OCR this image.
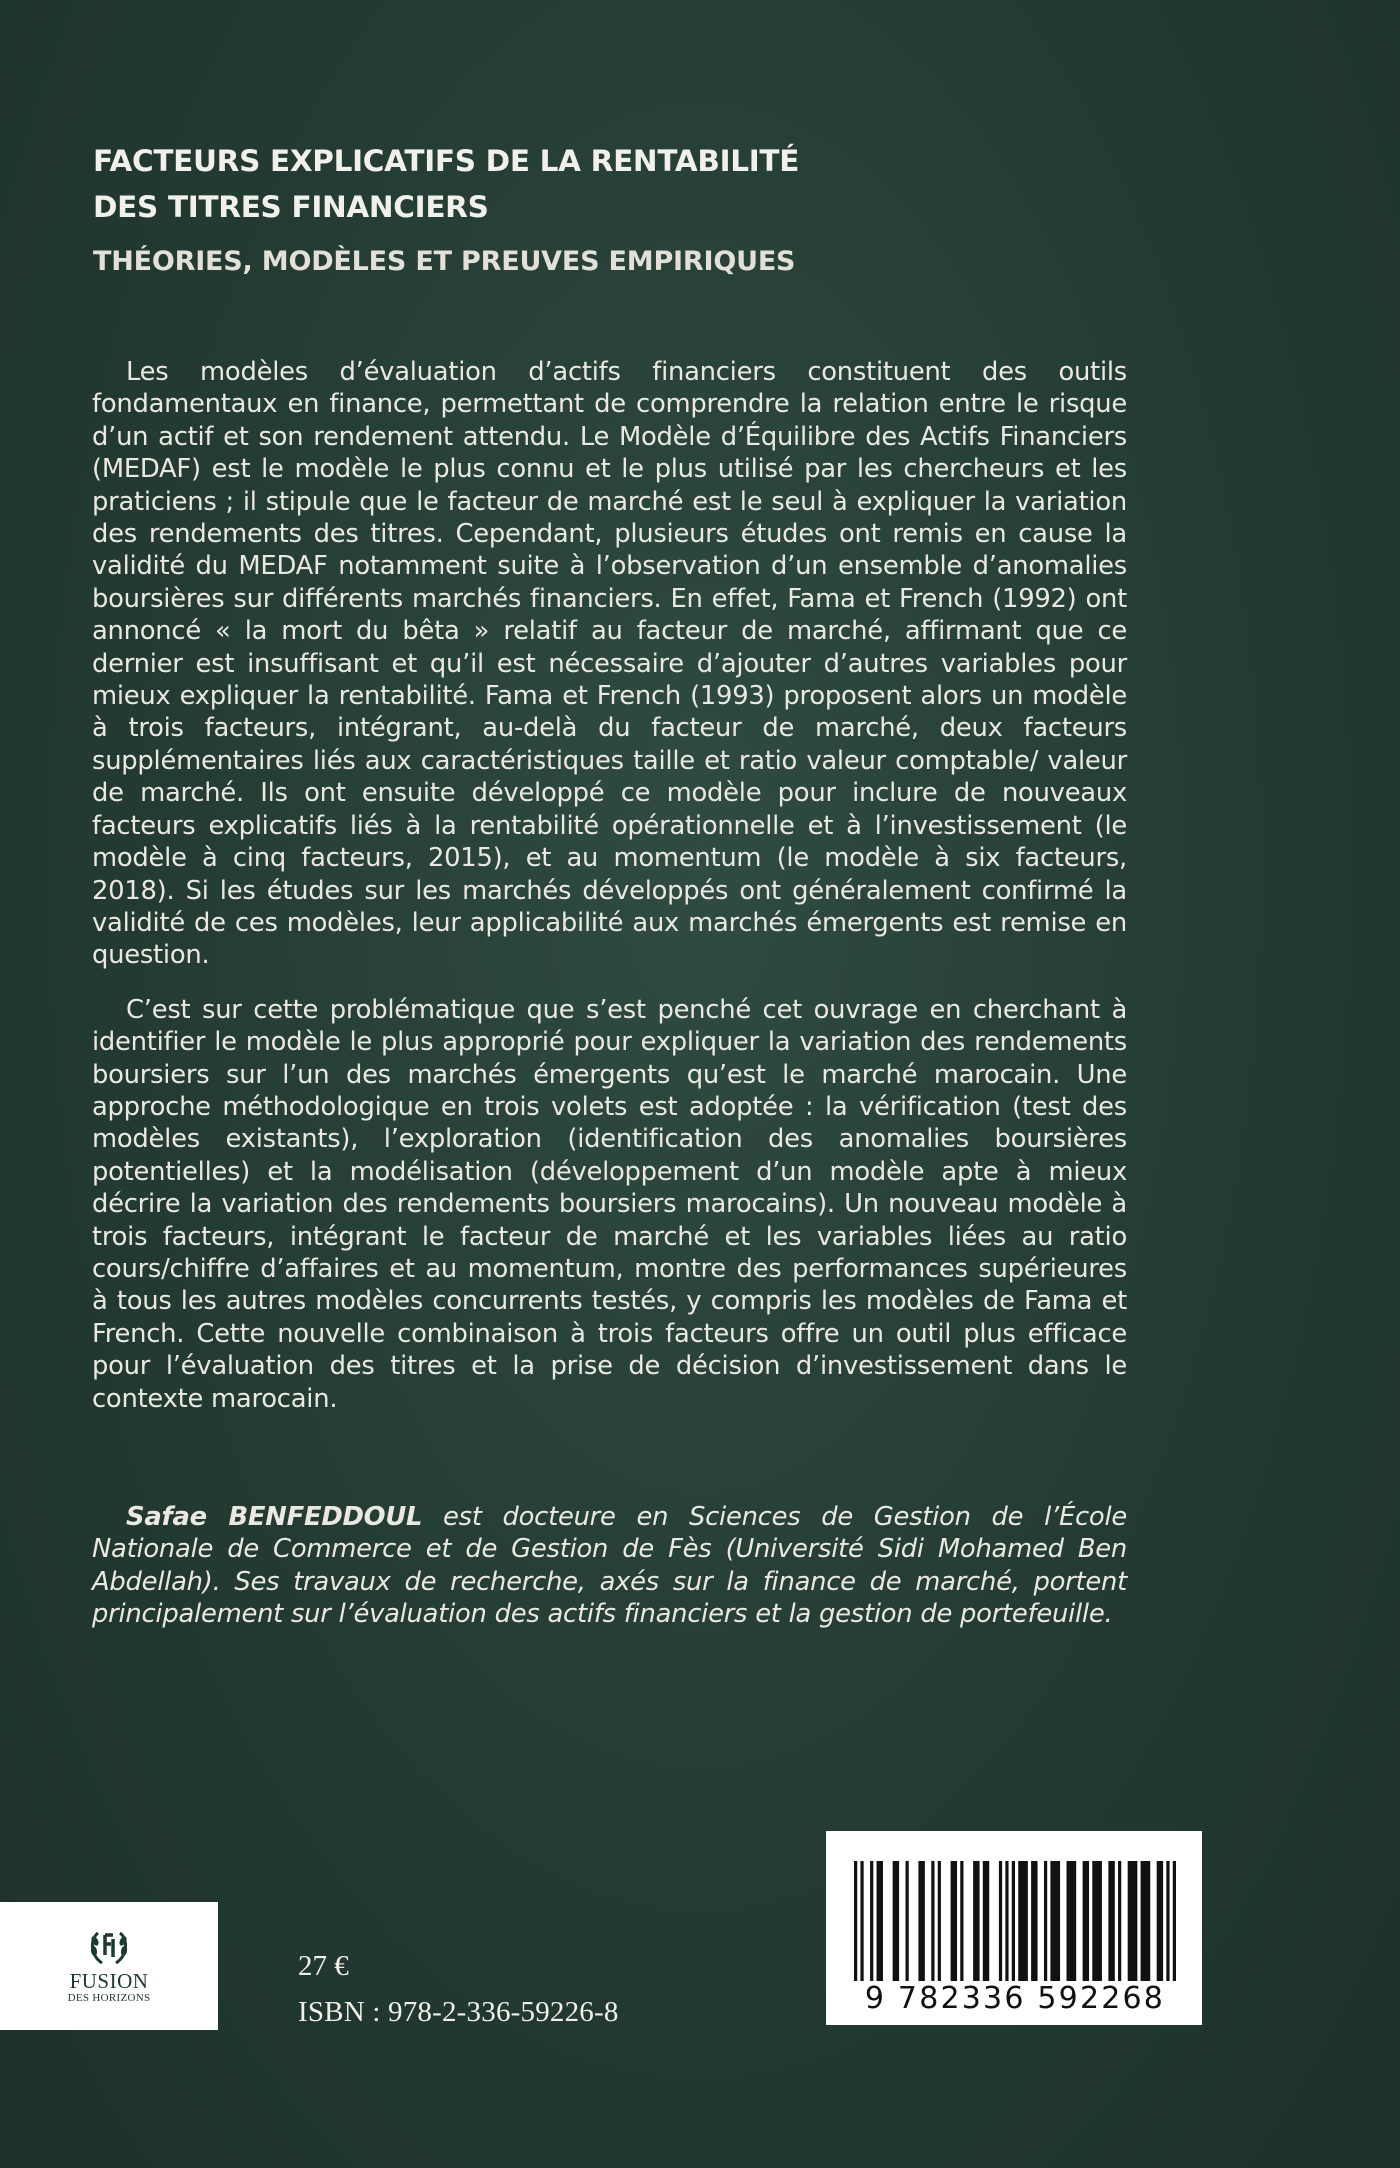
FACTEURS EXPLICATIFS DE LA RENTABILITÉ
DES TITRES FINANCIERS
THÉORIES, MODÈLES ET PREUVES EMPIRIQUES

Les modèles d’évaluation d’actifs financiers constituent des outils fondamentaux en finance, permettant de comprendre la relation entre le risque d’un actif et son rendement attendu. Le Modèle d’Équilibre des Actifs Financiers (MEDAF) est le modèle le plus connu et le plus utilisé par les chercheurs et les praticiens ; il stipule que le facteur de marché est le seul à expliquer la variation des rendements des titres. Cependant, plusieurs études ont remis en cause la validité du MEDAF notamment suite à l’observation d’un ensemble d’anomalies boursières sur différents marchés financiers. En effet, Fama et French (1992) ont annoncé « la mort du bêta » relatif au facteur de marché, affirmant que ce dernier est insuffisant et qu’il est nécessaire d’ajouter d’autres variables pour mieux expliquer la rentabilité. Fama et French (1993) proposent alors un modèle à trois facteurs, intégrant, au-delà du facteur de marché, deux facteurs supplémentaires liés aux caractéristiques taille et ratio valeur comptable/ valeur de marché. Ils ont ensuite développé ce modèle pour inclure de nouveaux facteurs explicatifs liés à la rentabilité opérationnelle et à l’investissement (le modèle à cinq facteurs, 2015), et au momentum (le modèle à six facteurs, 2018). Si les études sur les marchés développés ont généralement confirmé la validité de ces modèles, leur applicabilité aux marchés émergents est remise en question.

C’est sur cette problématique que s’est penché cet ouvrage en cherchant à identifier le modèle le plus approprié pour expliquer la variation des rendements boursiers sur l’un des marchés émergents qu’est le marché marocain. Une approche méthodologique en trois volets est adoptée : la vérification (test des modèles existants), l’exploration (identification des anomalies boursières potentielles) et la modélisation (développement d’un modèle apte à mieux décrire la variation des rendements boursiers marocains). Un nouveau modèle à trois facteurs, intégrant le facteur de marché et les variables liées au ratio cours/chiffre d’affaires et au momentum, montre des performances supérieures à tous les autres modèles concurrents testés, y compris les modèles de Fama et French. Cette nouvelle combinaison à trois facteurs offre un outil plus efficace pour l’évaluation des titres et la prise de décision d’investissement dans le contexte marocain.

Safae BENFEDDOUL est docteure en Sciences de Gestion de l’École Nationale de Commerce et de Gestion de Fès (Université Sidi Mohamed Ben Abdellah). Ses travaux de recherche, axés sur la finance de marché, portent principalement sur l’évaluation des actifs financiers et la gestion de portefeuille.
FUSION
DES HORIZONS
27 €
ISBN : 978-2-336-59226-8	9 782336 592268
